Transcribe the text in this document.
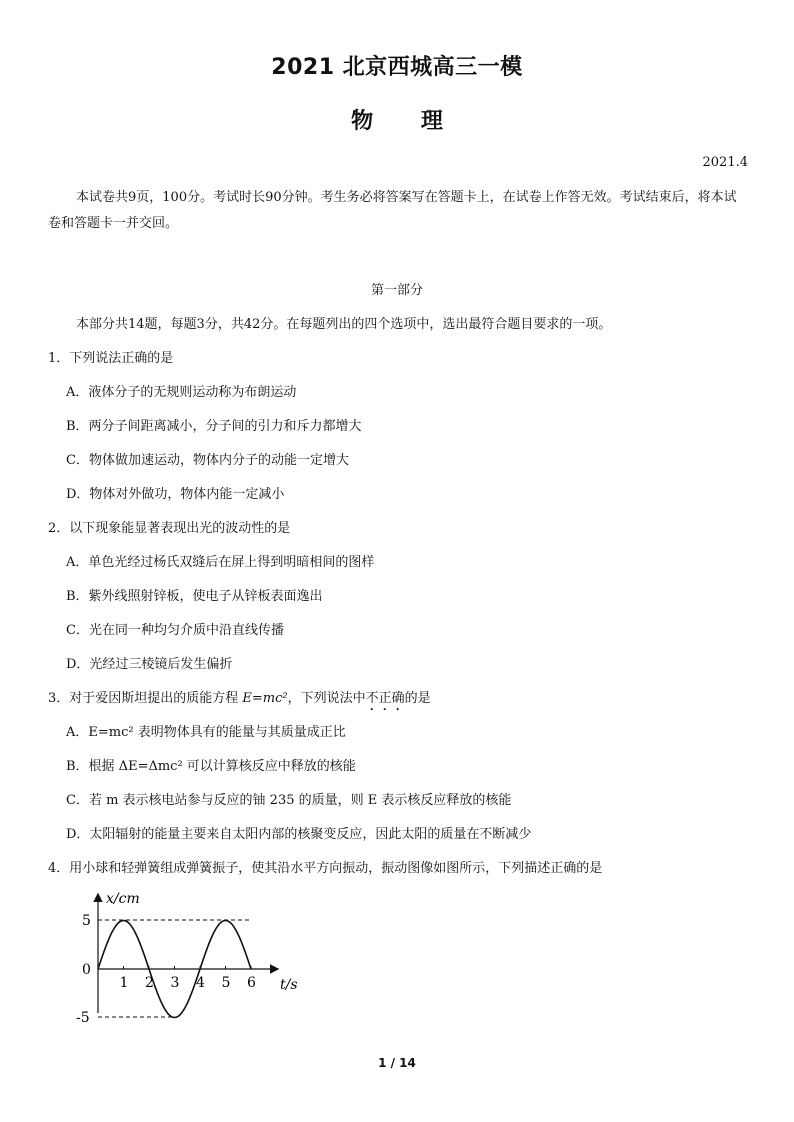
2021 北京西城高三一模
物 理
2021.4
本试卷共9页，100分。考试时长90分钟。考生务必将答案写在答题卡上，在试卷上作答无效。考试结束后，将本试卷和答题卡一并交回。
第一部分
本部分共14题，每题3分，共42分。在每题列出的四个选项中，选出最符合题目要求的一项。
1．下列说法正确的是
A．液体分子的无规则运动称为布朗运动
B．两分子间距离减小，分子间的引力和斥力都增大
C．物体做加速运动，物体内分子的动能一定增大
D．物体对外做功，物体内能一定减小
2．以下现象能显著表现出光的波动性的是
A．单色光经过杨氏双缝后在屏上得到明暗相间的图样
B．紫外线照射锌板，使电子从锌板表面逸出
C．光在同一种均匀介质中沿直线传播
D．光经过三棱镜后发生偏折
3．对于爱因斯坦提出的质能方程 E=mc²，下列说法中不正确的是
A．E=mc² 表明物体具有的能量与其质量成正比
B．根据 ΔE=Δmc² 可以计算核反应中释放的核能
C．若 m 表示核电站参与反应的铀 235 的质量，则 E 表示核反应释放的核能
D．太阳辐射的能量主要来自太阳内部的核聚变反应，因此太阳的质量在不断减少
4．用小球和轻弹簧组成弹簧振子，使其沿水平方向振动，振动图像如图所示，下列描述正确的是
x/cm
t/s
5
0
-5
1 2 3 4 5 6
1 / 14
